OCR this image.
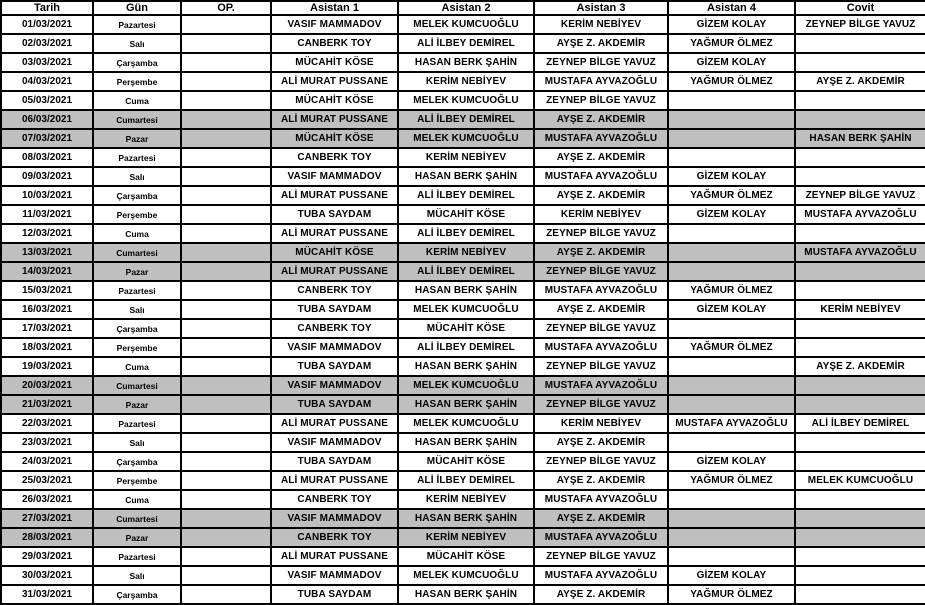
Tarih	Gün	OP.	Asistan 1	Asistan 2	Asistan 3	Asistan 4	Covit
01/03/2021	Pazartesi		VASIF MAMMADOV	MELEK KUMCUOĞLU	KERİM NEBİYEV	GİZEM KOLAY	ZEYNEP BİLGE YAVUZ
02/03/2021	Salı		CANBERK TOY	ALİ İLBEY DEMİREL	AYŞE Z. AKDEMİR	YAĞMUR ÖLMEZ	
03/03/2021	Çarşamba		MÜCAHİT KÖSE	HASAN BERK ŞAHİN	ZEYNEP BİLGE YAVUZ	GİZEM KOLAY	
04/03/2021	Perşembe		ALİ MURAT PUSSANE	KERİM NEBİYEV	MUSTAFA AYVAZOĞLU	YAĞMUR ÖLMEZ	AYŞE Z. AKDEMİR
05/03/2021	Cuma		MÜCAHİT KÖSE	MELEK KUMCUOĞLU	ZEYNEP BİLGE YAVUZ		
06/03/2021	Cumartesi		ALİ MURAT PUSSANE	ALİ İLBEY DEMİREL	AYŞE Z. AKDEMİR		
07/03/2021	Pazar		MÜCAHİT KÖSE	MELEK KUMCUOĞLU	MUSTAFA AYVAZOĞLU		HASAN BERK ŞAHİN
08/03/2021	Pazartesi		CANBERK TOY	KERİM NEBİYEV	AYŞE Z. AKDEMİR		
09/03/2021	Salı		VASIF MAMMADOV	HASAN BERK ŞAHİN	MUSTAFA AYVAZOĞLU	GİZEM KOLAY	
10/03/2021	Çarşamba		ALİ MURAT PUSSANE	ALİ İLBEY DEMİREL	AYŞE Z. AKDEMİR	YAĞMUR ÖLMEZ	ZEYNEP BİLGE YAVUZ
11/03/2021	Perşembe		TUBA SAYDAM	MÜCAHİT KÖSE	KERİM NEBİYEV	GİZEM KOLAY	MUSTAFA AYVAZOĞLU
12/03/2021	Cuma		ALİ MURAT PUSSANE	ALİ İLBEY DEMİREL	ZEYNEP BİLGE YAVUZ		
13/03/2021	Cumartesi		MÜCAHİT KÖSE	KERİM NEBİYEV	AYŞE Z. AKDEMİR		MUSTAFA AYVAZOĞLU
14/03/2021	Pazar		ALİ MURAT PUSSANE	ALİ İLBEY DEMİREL	ZEYNEP BİLGE YAVUZ		
15/03/2021	Pazartesi		CANBERK TOY	HASAN BERK ŞAHİN	MUSTAFA AYVAZOĞLU	YAĞMUR ÖLMEZ	
16/03/2021	Salı		TUBA SAYDAM	MELEK KUMCUOĞLU	AYŞE Z. AKDEMİR	GİZEM KOLAY	KERİM NEBİYEV
17/03/2021	Çarşamba		CANBERK TOY	MÜCAHİT KÖSE	ZEYNEP BİLGE YAVUZ		
18/03/2021	Perşembe		VASIF MAMMADOV	ALİ İLBEY DEMİREL	MUSTAFA AYVAZOĞLU	YAĞMUR ÖLMEZ	
19/03/2021	Cuma		TUBA SAYDAM	HASAN BERK ŞAHİN	ZEYNEP BİLGE YAVUZ		AYŞE Z. AKDEMİR
20/03/2021	Cumartesi		VASIF MAMMADOV	MELEK KUMCUOĞLU	MUSTAFA AYVAZOĞLU		
21/03/2021	Pazar		TUBA SAYDAM	HASAN BERK ŞAHİN	ZEYNEP BİLGE YAVUZ		
22/03/2021	Pazartesi		ALİ MURAT PUSSANE	MELEK KUMCUOĞLU	KERİM NEBİYEV	MUSTAFA AYVAZOĞLU	ALİ İLBEY DEMİREL
23/03/2021	Salı		VASIF MAMMADOV	HASAN BERK ŞAHİN	AYŞE Z. AKDEMİR		
24/03/2021	Çarşamba		TUBA SAYDAM	MÜCAHİT KÖSE	ZEYNEP BİLGE YAVUZ	GİZEM KOLAY	
25/03/2021	Perşembe		ALİ MURAT PUSSANE	ALİ İLBEY DEMİREL	AYŞE Z. AKDEMİR	YAĞMUR ÖLMEZ	MELEK KUMCUOĞLU
26/03/2021	Cuma		CANBERK TOY	KERİM NEBİYEV	MUSTAFA AYVAZOĞLU		
27/03/2021	Cumartesi		VASIF MAMMADOV	HASAN BERK ŞAHİN	AYŞE Z. AKDEMİR		
28/03/2021	Pazar		CANBERK TOY	KERİM NEBİYEV	MUSTAFA AYVAZOĞLU		
29/03/2021	Pazartesi		ALİ MURAT PUSSANE	MÜCAHİT KÖSE	ZEYNEP BİLGE YAVUZ		
30/03/2021	Salı		VASIF MAMMADOV	MELEK KUMCUOĞLU	MUSTAFA AYVAZOĞLU	GİZEM KOLAY	
31/03/2021	Çarşamba		TUBA SAYDAM	HASAN BERK ŞAHİN	AYŞE Z. AKDEMİR	YAĞMUR ÖLMEZ	
